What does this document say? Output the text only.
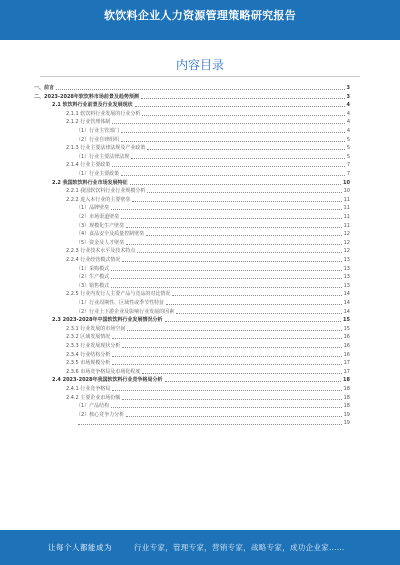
软饮料企业人力资源管理策略研究报告
内容目录
一、前言	3
二、2023-2028年软饮料市场前景及趋势预测	3
2.1 软饮料行业前景及行业发展现状	4
2.1.1 软饮料行业发展的行业分析	4
2.1.2 行业管理体制	4
（1）行业主管部门	4
（2）行业自律组织	5
2.1.3 行业主要法律法规及产业政策	5
（1）行业主要法律法规	5
2.1.4 行业主要政策	7
（1）行业主要政策	7
2.2 我国软饮料行业市场发展特征	10
2.2.1 我国软饮料行业行业规模分析	10
2.2.2 进入本行业的主要壁垒	11
（1）品牌壁垒	11
（2）市场渠道壁垒	11
（3）规模化生产壁垒	11
（4）食品安全及质量控制壁垒	12
（5）资金及人才壁垒	12
2.2.3 行业技术水平及技术特点	12
2.2.4 行业经营模式情况	13
（1）采购模式	13
（2）生产模式	13
（3）销售模式	13
2.2.5 行业内发行人主要产品与竞品的对比情况	14
（1）行业周期性、区域性或季节性特征	14
（2）行业上下游企业及影响行业发展的因素	14
2.3 2023-2028年中国软饮料行业发展情况分析	15
2.3.1 行业发展的市场空间	15
2.3.2 区域发展情况	16
2.3.3 行业发展现状分析	16
2.3.4 行业结构分析	16
2.3.5 市场规模分析	17
2.3.6 市场竞争格局及市场化程度	17
2.4 2023-2028年我国软饮料行业竞争格局分析	18
2.4.1 行业竞争格局	18
2.4.2 主要企业市场份额	18
（1）产品结构	18
（2）核心竞争力分析	19
19
让每个人都能成为	行业专家，管理专家，营销专家，战略专家，成功企业家……
